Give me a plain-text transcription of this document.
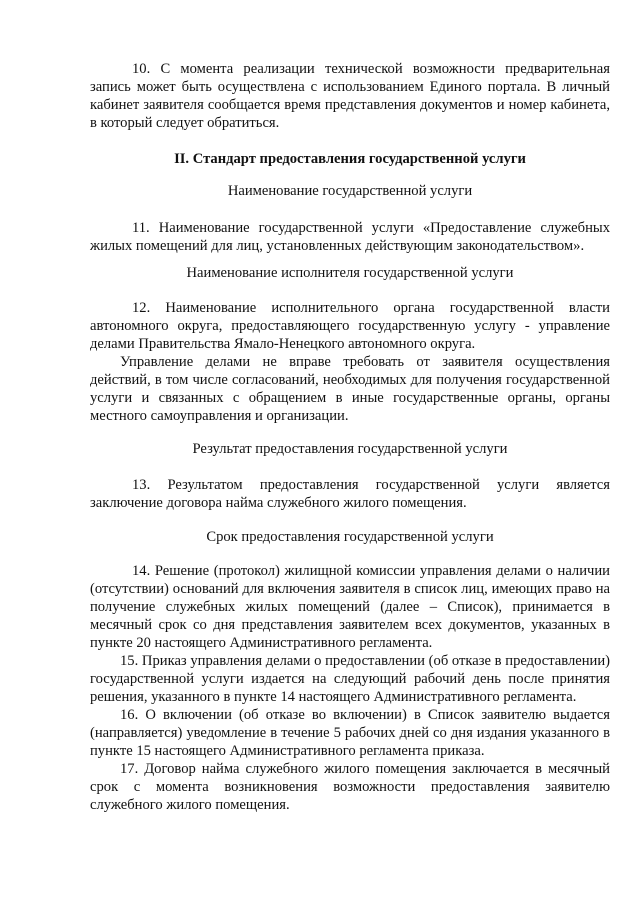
10. С момента реализации технической возможности предварительная запись может быть осуществлена с использованием Единого портала. В личный кабинет заявителя сообщается время представления документов и номер кабинета, в который следует обратиться.

II. Стандарт предоставления государственной услуги

Наименование государственной услуги

11. Наименование государственной услуги «Предоставление служебных жилых помещений для лиц, установленных действующим законодательством».

Наименование исполнителя государственной услуги

12. Наименование исполнительного органа государственной власти автономного округа, предоставляющего государственную услугу - управление делами Правительства Ямало-Ненецкого автономного округа.

Управление делами не вправе требовать от заявителя осуществления действий, в том числе согласований, необходимых для получения государственной услуги и связанных с обращением в иные государственные органы, органы местного самоуправления и организации.

Результат предоставления государственной услуги

13. Результатом предоставления государственной услуги является заключение договора найма служебного жилого помещения.

Срок предоставления государственной услуги

14. Решение (протокол) жилищной комиссии управления делами о наличии (отсутствии) оснований для включения заявителя в список лиц, имеющих право на получение служебных жилых помещений (далее – Список), принимается в месячный срок со дня представления заявителем всех документов, указанных в пункте 20 настоящего Административного регламента.

15. Приказ управления делами о предоставлении (об отказе в предоставлении) государственной услуги издается на следующий рабочий день после принятия решения, указанного в пункте 14 настоящего Административного регламента.

16. О включении (об отказе во включении) в Список заявителю выдается (направляется) уведомление в течение 5 рабочих дней со дня издания указанного в пункте 15 настоящего Административного регламента приказа.

17. Договор найма служебного жилого помещения заключается в месячный срок с момента возникновения возможности предоставления заявителю служебного жилого помещения.
